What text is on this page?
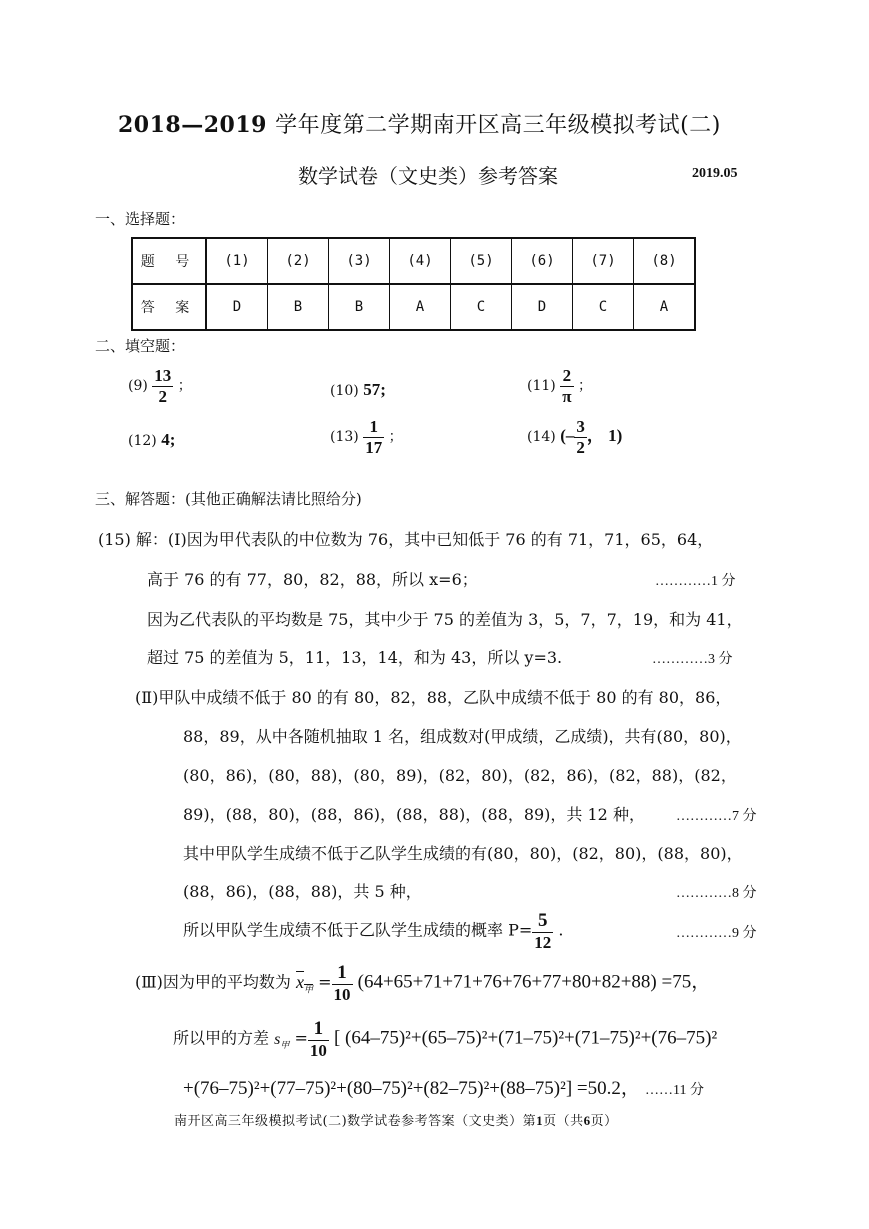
2018—2019 学年度第二学期南开区高三年级模拟考试(二)
数学试卷（文史类）参考答案	2019.05
一、选择题：
题 号	(1)	(2)	(3)	(4)	(5)	(6)	(7)	(8)
答 案	D	B	B	A	C	D	C	A
二、填空题：
$(9) \frac{13}{2}$ ；	(10) 57;	$(11) \frac{2}{\pi}$ ；
(12) 4;	$(13) \frac{1}{17}$ ；	(14) (– $\frac{3}{2}$ ， 1)
三、解答题：(其他正确解法请比照给分)
(15) 解：(Ⅰ)因为甲代表队的中位数为 76，其中已知低于 76 的有 71，71，65，64，
高于 76 的有 77，80，82，88，所以 x=6；	…………1 分
因为乙代表队的平均数是 75，其中少于 75 的差值为 3，5，7，7，19，和为 41，
超过 75 的差值为 5，11，13，14，和为 43，所以 y=3.	…………3 分
(Ⅱ)甲队中成绩不低于 80 的有 80，82，88，乙队中成绩不低于 80 的有 80，86，
88，89，从中各随机抽取 1 名，组成数对(甲成绩，乙成绩)，共有(80，80)，
(80，86)，(80，88)，(80，89)，(82，80)，(82，86)，(82，88)，(82，
89)，(88，80)，(88，86)，(88，88)，(88，89)，共 12 种， …………7 分
其中甲队学生成绩不低于乙队学生成绩的有(80，80)，(82，80)，(88，80)，
(88，86)，(88，88)，共 5 种，	…………8 分
所以甲队学生成绩不低于乙队学生成绩的概率 $P= \frac{5}{12}$ .	…………9 分
(Ⅲ)因为甲的平均数为 $x_甲 = \frac{1}{10} (64+65+71+71+76+76+77+80+82+88) =75$，
所以甲的方差 $s_甲 = \frac{1}{10}$ [ (64–75)²+(65–75)²+(71–75)²+(71–75)²+(76–75)²
+(76–75)²+(77–75)²+(80–75)²+(82–75)²+(88–75)²] =50.2， ……11 分
南开区高三年级模拟考试(二)数学试卷参考答案（文史类）第1页（共6页）
